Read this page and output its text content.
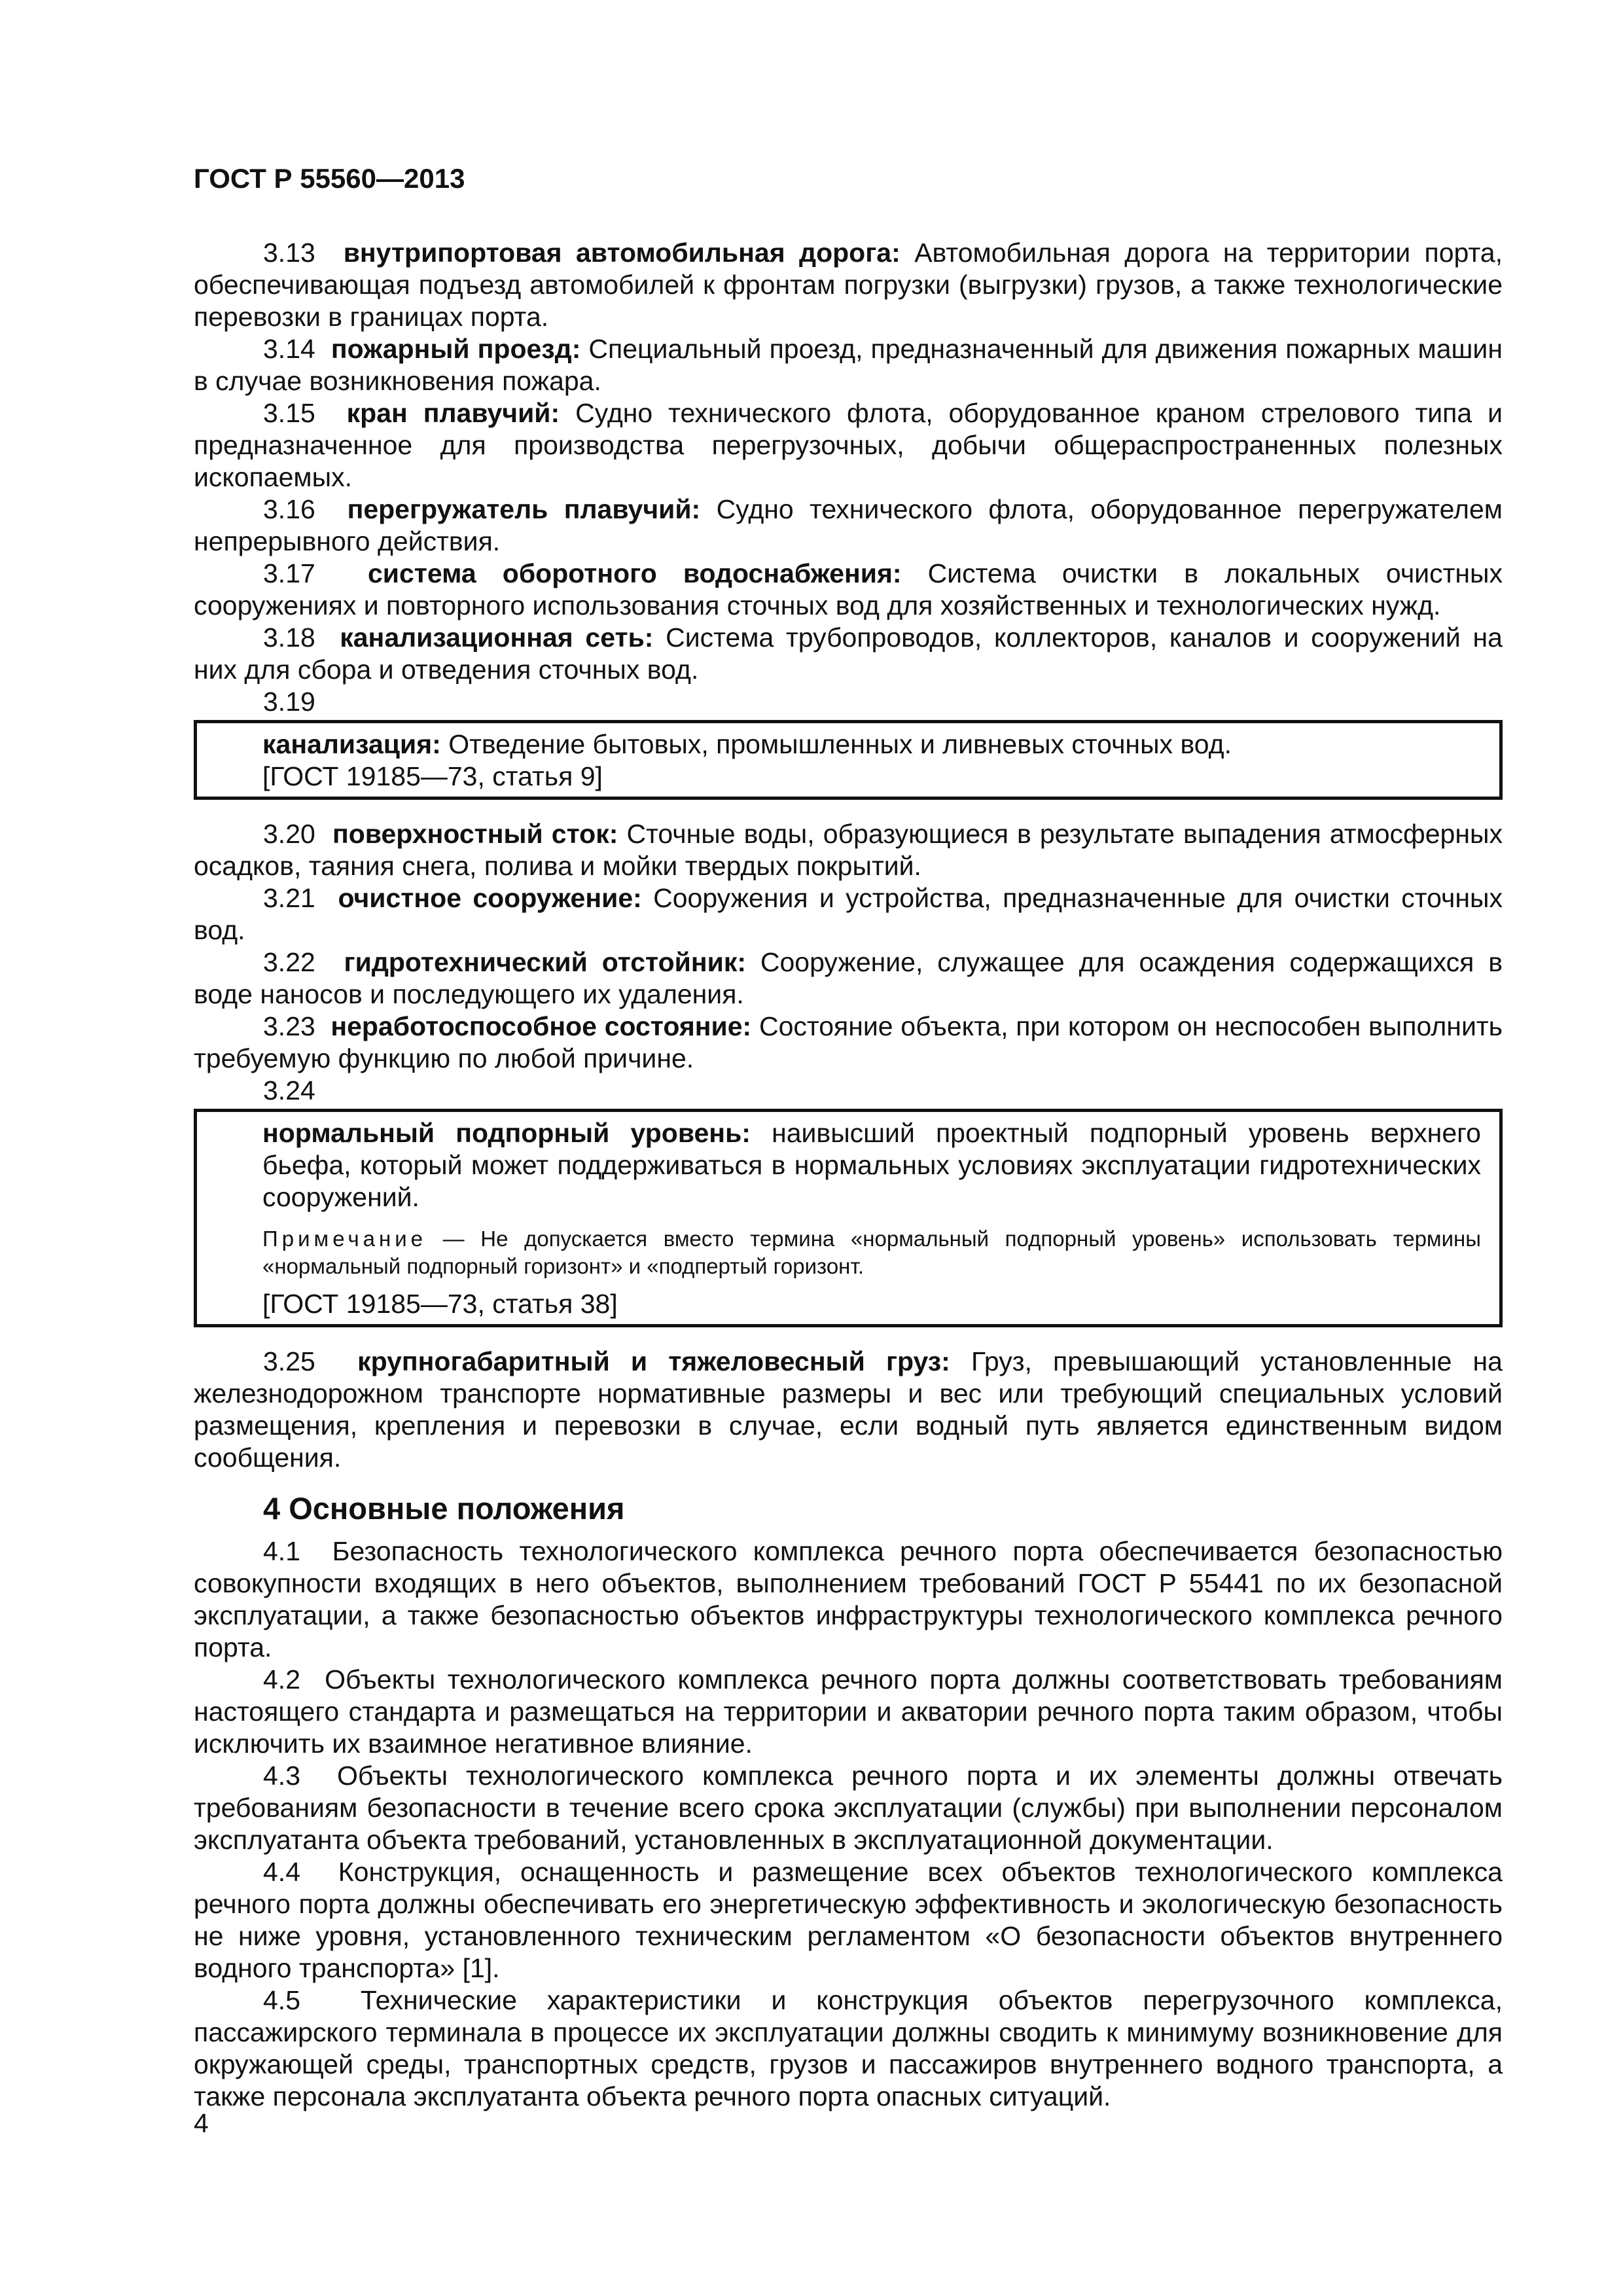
ГОСТ Р 55560—2013

3.13 внутрипортовая автомобильная дорога: Автомобильная дорога на территории порта, обеспечивающая подъезд автомобилей к фронтам погрузки (выгрузки) грузов, а также технологические перевозки в границах порта.

3.14 пожарный проезд: Специальный проезд, предназначенный для движения пожарных машин в случае возникновения пожара.

3.15 кран плавучий: Судно технического флота, оборудованное краном стрелового типа и предназначенное для производства перегрузочных, добычи общераспространенных полезных ископаемых.

3.16 перегружатель плавучий: Судно технического флота, оборудованное перегружателем непрерывного действия.

3.17 система оборотного водоснабжения: Система очистки в локальных очистных сооружениях и повторного использования сточных вод для хозяйственных и технологических нужд.

3.18 канализационная сеть: Система трубопроводов, коллекторов, каналов и сооружений на них для сбора и отведения сточных вод.

3.19

канализация: Отведение бытовых, промышленных и ливневых сточных вод.

[ГОСТ 19185—73, статья 9]

3.20 поверхностный сток: Сточные воды, образующиеся в результате выпадения атмосферных осадков, таяния снега, полива и мойки твердых покрытий.

3.21 очистное сооружение: Сооружения и устройства, предназначенные для очистки сточных вод.

3.22 гидротехнический отстойник: Сооружение, служащее для осаждения содержащихся в воде наносов и последующего их удаления.

3.23 неработоспособное состояние: Состояние объекта, при котором он неспособен выполнить требуемую функцию по любой причине.

3.24

нормальный подпорный уровень: наивысший проектный подпорный уровень верхнего бьефа, который может поддерживаться в нормальных условиях эксплуатации гидротехнических сооружений.

Примечание — Не допускается вместо термина «нормальный подпорный уровень» использовать термины «нормальный подпорный горизонт» и «подпертый горизонт.

[ГОСТ 19185—73, статья 38]

3.25 крупногабаритный и тяжеловесный груз: Груз, превышающий установленные на железнодорожном транспорте нормативные размеры и вес или требующий специальных условий размещения, крепления и перевозки в случае, если водный путь является единственным видом сообщения.

4 Основные положения

4.1 Безопасность технологического комплекса речного порта обеспечивается безопасностью совокупности входящих в него объектов, выполнением требований ГОСТ Р 55441 по их безопасной эксплуатации, а также безопасностью объектов инфраструктуры технологического комплекса речного порта.

4.2 Объекты технологического комплекса речного порта должны соответствовать требованиям настоящего стандарта и размещаться на территории и акватории речного порта таким образом, чтобы исключить их взаимное негативное влияние.

4.3 Объекты технологического комплекса речного порта и их элементы должны отвечать требованиям безопасности в течение всего срока эксплуатации (службы) при выполнении персоналом эксплуатанта объекта требований, установленных в эксплуатационной документации.

4.4 Конструкция, оснащенность и размещение всех объектов технологического комплекса речного порта должны обеспечивать его энергетическую эффективность и экологическую безопасность не ниже уровня, установленного техническим регламентом «О безопасности объектов внутреннего водного транспорта» [1].

4.5 Технические характеристики и конструкция объектов перегрузочного комплекса, пассажирского терминала в процессе их эксплуатации должны сводить к минимуму возникновение для окружающей среды, транспортных средств, грузов и пассажиров внутреннего водного транспорта, а также персонала эксплуатанта объекта речного порта опасных ситуаций.

4
